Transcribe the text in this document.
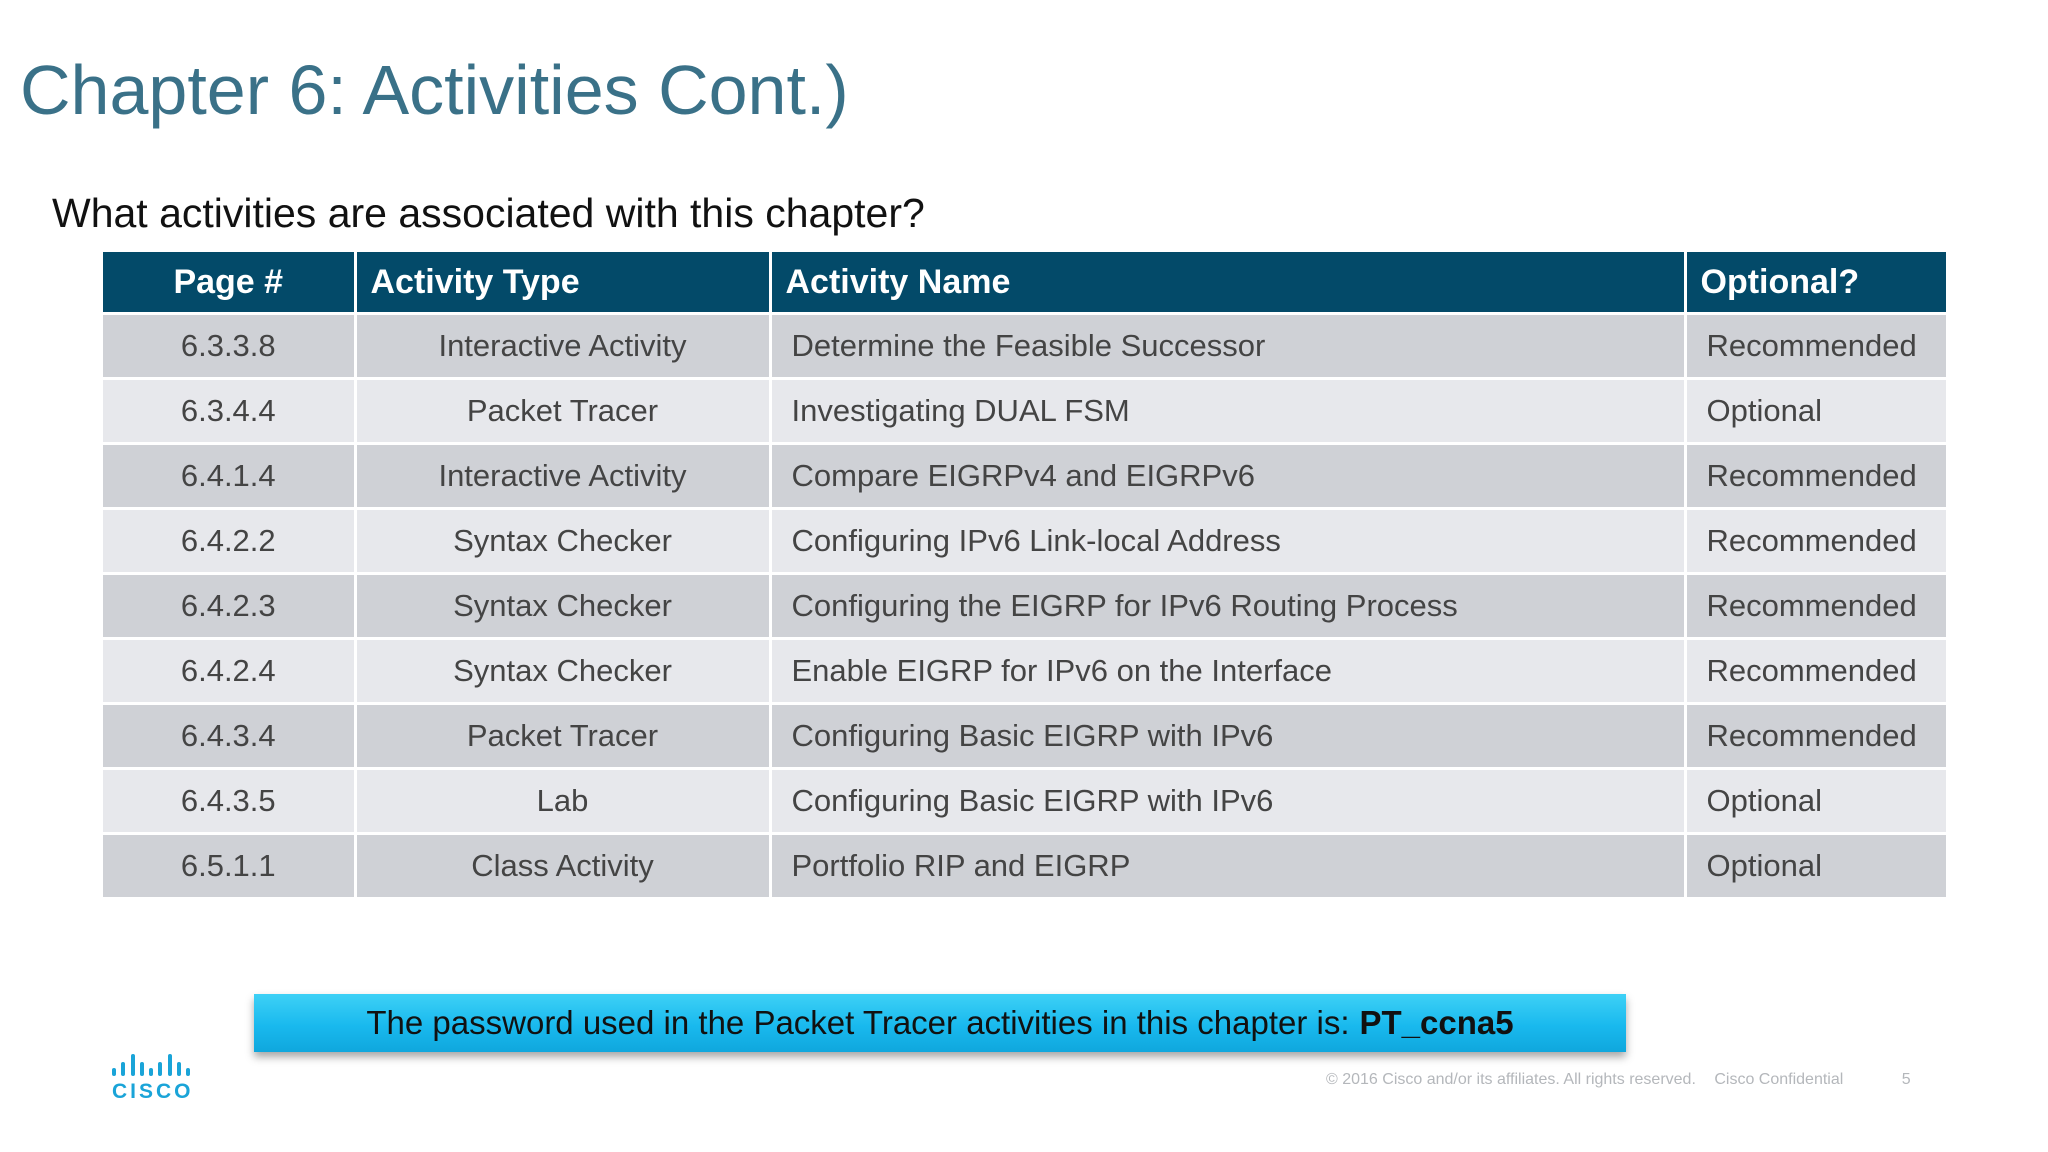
Chapter 6: Activities Cont.)
What activities are associated with this chapter?
Page #	Activity Type	Activity Name	Optional?
6.3.3.8	Interactive Activity	Determine the Feasible Successor	Recommended
6.3.4.4	Packet Tracer	Investigating DUAL FSM	Optional
6.4.1.4	Interactive Activity	Compare EIGRPv4 and EIGRPv6	Recommended
6.4.2.2	Syntax Checker	Configuring IPv6 Link-local Address	Recommended
6.4.2.3	Syntax Checker	Configuring the EIGRP for IPv6 Routing Process	Recommended
6.4.2.4	Syntax Checker	Enable EIGRP for IPv6 on the Interface	Recommended
6.4.3.4	Packet Tracer	Configuring Basic EIGRP with IPv6	Recommended
6.4.3.5	Lab	Configuring Basic EIGRP with IPv6	Optional
6.5.1.1	Class Activity	Portfolio RIP and EIGRP	Optional
The password used in the Packet Tracer activities in this chapter is: PT_ccna5
CISCO
© 2016 Cisco and/or its affiliates. All rights reserved. Cisco Confidential	5
